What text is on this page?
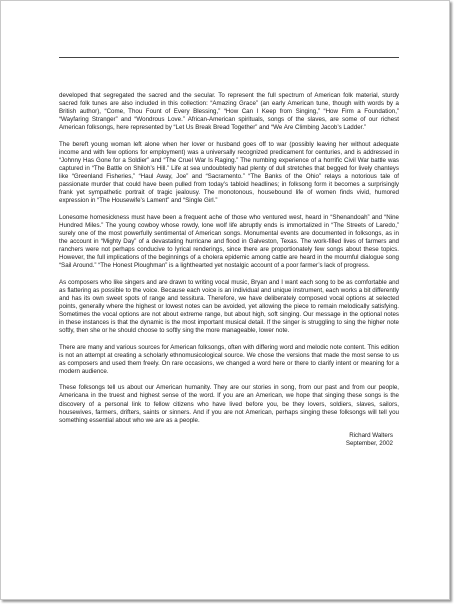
developed that segregated the sacred and the secular. To represent the full spectrum of American folk material, sturdy sacred folk tunes are also included in this collection: “Amazing Grace” (an early American tune, though with words by a British author), “Come, Thou Fount of Every Blessing,” “How Can I Keep from Singing,” “How Firm a Foundation,” “Wayfaring Stranger” and “Wondrous Love.” African-American spirituals, songs of the slaves, are some of our richest American folksongs, here represented by “Let Us Break Bread Together” and “We Are Climbing Jacob’s Ladder.”

The bereft young woman left alone when her lover or husband goes off to war (possibly leaving her without adequate income and with few options for employment) was a universally recognized predicament for centuries, and is addressed in “Johnny Has Gone for a Soldier” and “The Cruel War Is Raging.” The numbing experience of a horrific Civil War battle was captured in “The Battle on Shiloh’s Hill.” Life at sea undoubtedly had plenty of dull stretches that begged for lively chanteys like “Greenland Fisheries,” “Haul Away, Joe” and “Sacramento.” “The Banks of the Ohio” relays a notorious tale of passionate murder that could have been pulled from today’s tabloid headlines; in folksong form it becomes a surprisingly frank yet sympathetic portrait of tragic jealousy. The monotonous, housebound life of women finds vivid, humored expression in “The Housewife’s Lament” and “Single Girl.”

Lonesome homesickness must have been a frequent ache of those who ventured west, heard in “Shenandoah” and “Nine Hundred Miles.” The young cowboy whose rowdy, lone wolf life abruptly ends is immortalized in “The Streets of Laredo,” surely one of the most powerfully sentimental of American songs. Monumental events are documented in folksongs, as in the account in “Mighty Day” of a devastating hurricane and flood in Galveston, Texas. The work-filled lives of farmers and ranchers were not perhaps conducive to lyrical renderings, since there are proportionately few songs about these topics. However, the full implications of the beginnings of a cholera epidemic among cattle are heard in the mournful dialogue song “Sail Around.” “The Honest Ploughman” is a lighthearted yet nostalgic account of a poor farmer’s lack of progress.

As composers who like singers and are drawn to writing vocal music, Bryan and I want each song to be as comfortable and as flattering as possible to the voice. Because each voice is an individual and unique instrument, each works a bit differently and has its own sweet spots of range and tessitura. Therefore, we have deliberately composed vocal options at selected points, generally where the highest or lowest notes can be avoided, yet allowing the piece to remain melodically satisfying. Sometimes the vocal options are not about extreme range, but about high, soft singing. Our message in the optional notes in these instances is that the dynamic is the most important musical detail. If the singer is struggling to sing the higher note softly, then she or he should choose to softly sing the more manageable, lower note.

There are many and various sources for American folksongs, often with differing word and melodic note content. This edition is not an attempt at creating a scholarly ethnomusicological source. We chose the versions that made the most sense to us as composers and used them freely. On rare occasions, we changed a word here or there to clarify intent or meaning for a modern audience.

These folksongs tell us about our American humanity. They are our stories in song, from our past and from our people, Americana in the truest and highest sense of the word. If you are an American, we hope that singing these songs is the discovery of a personal link to fellow citizens who have lived before you, be they lovers, soldiers, slaves, sailors, housewives, farmers, drifters, saints or sinners. And if you are not American, perhaps singing these folksongs will tell you something essential about who we are as a people.

Richard Walters
September, 2002
